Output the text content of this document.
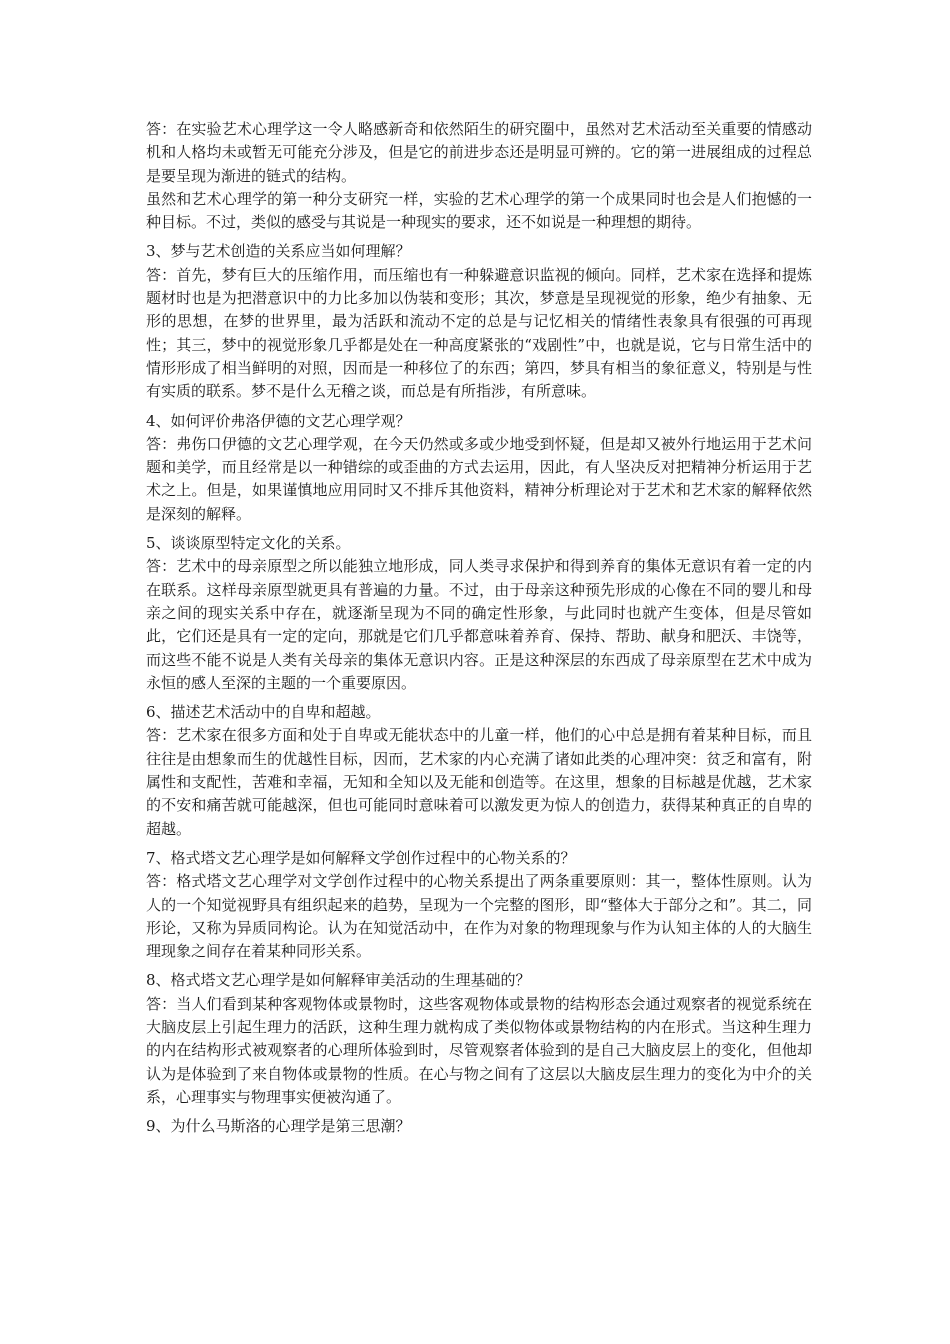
答：在实验艺术心理学这一令人略感新奇和依然陌生的研究圈中，虽然对艺术活动至关重要的情感动机和人格均未或暂无可能充分涉及，但是它的前进步态还是明显可辨的。它的第一进展组成的过程总是要呈现为渐进的链式的结构。

虽然和艺术心理学的第一种分支研究一样，实验的艺术心理学的第一个成果同时也会是人们抱憾的一种目标。不过，类似的感受与其说是一种现实的要求，还不如说是一种理想的期待。

3、梦与艺术创造的关系应当如何理解？

答：首先，梦有巨大的压缩作用，而压缩也有一种躲避意识监视的倾向。同样，艺术家在选择和提炼题材时也是为把潜意识中的力比多加以伪装和变形；其次，梦意是呈现视觉的形象，绝少有抽象、无形的思想，在梦的世界里，最为活跃和流动不定的总是与记忆相关的情绪性表象具有很强的可再现性；其三，梦中的视觉形象几乎都是处在一种高度紧张的“戏剧性”中，也就是说，它与日常生活中的情形形成了相当鲜明的对照，因而是一种移位了的东西；第四，梦具有相当的象征意义，特别是与性有实质的联系。梦不是什么无稽之谈，而总是有所指涉，有所意味。

4、如何评价弗洛伊德的文艺心理学观？

答：弗伤口伊德的文艺心理学观，在今天仍然或多或少地受到怀疑，但是却又被外行地运用于艺术问题和美学，而且经常是以一种错综的或歪曲的方式去运用，因此，有人坚决反对把精神分析运用于艺术之上。但是，如果谨慎地应用同时又不排斥其他资料，精神分析理论对于艺术和艺术家的解释依然是深刻的解释。

5、谈谈原型特定文化的关系。

答：艺术中的母亲原型之所以能独立地形成，同人类寻求保护和得到养育的集体无意识有着一定的内在联系。这样母亲原型就更具有普遍的力量。不过，由于母亲这种预先形成的心像在不同的婴儿和母亲之间的现实关系中存在，就逐渐呈现为不同的确定性形象，与此同时也就产生变体，但是尽管如此，它们还是具有一定的定向，那就是它们几乎都意味着养育、保持、帮助、献身和肥沃、丰饶等，而这些不能不说是人类有关母亲的集体无意识内容。正是这种深层的东西成了母亲原型在艺术中成为永恒的感人至深的主题的一个重要原因。

6、描述艺术活动中的自卑和超越。

答：艺术家在很多方面和处于自卑或无能状态中的儿童一样，他们的心中总是拥有着某种目标，而且往往是由想象而生的优越性目标，因而，艺术家的内心充满了诸如此类的心理冲突：贫乏和富有，附属性和支配性，苦难和幸福，无知和全知以及无能和创造等。在这里，想象的目标越是优越，艺术家的不安和痛苦就可能越深，但也可能同时意味着可以激发更为惊人的创造力，获得某种真正的自卑的超越。

7、格式塔文艺心理学是如何解释文学创作过程中的心物关系的？

答：格式塔文艺心理学对文学创作过程中的心物关系提出了两条重要原则：其一，整体性原则。认为人的一个知觉视野具有组织起来的趋势，呈现为一个完整的图形，即“整体大于部分之和”。其二，同形论，又称为异质同构论。认为在知觉活动中，在作为对象的物理现象与作为认知主体的人的大脑生理现象之间存在着某种同形关系。

8、格式塔文艺心理学是如何解释审美活动的生理基础的？

答：当人们看到某种客观物体或景物时，这些客观物体或景物的结构形态会通过观察者的视觉系统在大脑皮层上引起生理力的活跃，这种生理力就构成了类似物体或景物结构的内在形式。当这种生理力的内在结构形式被观察者的心理所体验到时，尽管观察者体验到的是自己大脑皮层上的变化，但他却认为是体验到了来自物体或景物的性质。在心与物之间有了这层以大脑皮层生理力的变化为中介的关系，心理事实与物理事实便被沟通了。

9、为什么马斯洛的心理学是第三思潮？
